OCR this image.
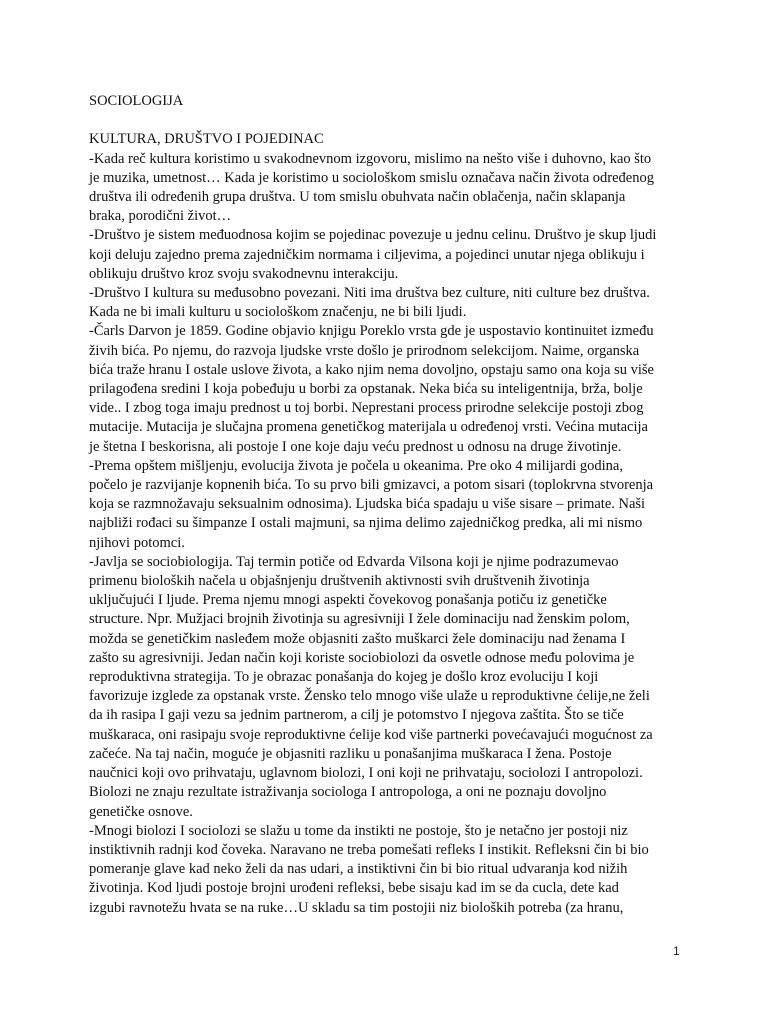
SOCIOLOGIJA
KULTURA, DRUŠTVO I POJEDINAC

-Kada reč kultura koristimo u svakodnevnom izgovoru, mislimo na nešto više i duhovno, kao što
je muzika, umetnost… Kada je koristimo u sociološkom smislu označava način života određenog
društva ili određenih grupa društva. U tom smislu obuhvata način oblačenja, način sklapanja
braka, porodični život…

-Društvo je sistem međuodnosa kojim se pojedinac povezuje u jednu celinu. Društvo je skup ljudi
koji deluju zajedno prema zajedničkim normama i ciljevima, a pojedinci unutar njega oblikuju i
oblikuju društvo kroz svoju svakodnevnu interakciju.

-Društvo I kultura su međusobno povezani. Niti ima društva bez culture, niti culture bez društva.
Kada ne bi imali kulturu u sociološkom značenju, ne bi bili ljudi.

-Čarls Darvon je 1859. Godine objavio knjigu Poreklo vrsta gde je uspostavio kontinuitet između
živih bića. Po njemu, do razvoja ljudske vrste došlo je prirodnom selekcijom. Naime, organska
bića traže hranu I ostale uslove života, a kako njim nema dovoljno, opstaju samo ona koja su više
prilagođena sredini I koja pobeđuju u borbi za opstanak. Neka bića su inteligentnija, brža, bolje
vide.. I zbog toga imaju prednost u toj borbi. Neprestani process prirodne selekcije postoji zbog
mutacije. Mutacija je slučajna promena genetičkog materijala u određenoj vrsti. Većina mutacija
je štetna I beskorisna, ali postoje I one koje daju veću prednost u odnosu na druge životinje.

-Prema opštem mišljenju, evolucija života je počela u okeanima. Pre oko 4 milijardi godina,
počelo je razvijanje kopnenih bića. To su prvo bili gmizavci, a potom sisari (toplokrvna stvorenja
koja se razmnožavaju seksualnim odnosima). Ljudska bića spadaju u više sisare – primate. Naši
najbliži rođaci su šimpanze I ostali majmuni, sa njima delimo zajedničkog predka, ali mi nismo
njihovi potomci.

-Javlja se sociobiologija. Taj termin potiče od Edvarda Vilsona koji je njime podrazumevao
primenu bioloških načela u objašnjenju društvenih aktivnosti svih društvenih životinja
uključujući I ljude. Prema njemu mnogi aspekti čovekovog ponašanja potiču iz genetičke
structure. Npr. Mužjaci brojnih životinja su agresivniji I žele dominaciju nad ženskim polom,
možda se genetičkim nasleđem može objasniti zašto muškarci žele dominaciju nad ženama I
zašto su agresivniji. Jedan način koji koriste sociobiolozi da osvetle odnose među polovima je
reproduktivna strategija. To je obrazac ponašanja do kojeg je došlo kroz evoluciju I koji
favorizuje izglede za opstanak vrste. Žensko telo mnogo više ulaže u reproduktivne ćelije,ne želi
da ih rasipa I gaji vezu sa jednim partnerom, a cilj je potomstvo I njegova zaštita. Što se tiče
muškaraca, oni rasipaju svoje reproduktivne ćelije kod više partnerki povećavajući mogućnost za
začeće. Na taj način, moguće je objasniti razliku u ponašanjima muškaraca I žena. Postoje
naučnici koji ovo prihvataju, uglavnom biolozi, I oni koji ne prihvataju, sociolozi I antropolozi.
Biolozi ne znaju rezultate istraživanja sociologa I antropologa, a oni ne poznaju dovoljno
genetičke osnove.

-Mnogi biolozi I sociolozi se slažu u tome da instikti ne postoje, što je netačno jer postoji niz
instiktivnih radnji kod čoveka. Naravano ne treba pomešati refleks I instikit. Refleksni čin bi bio
pomeranje glave kad neko želi da nas udari, a instiktivni čin bi bio ritual udvaranja kod nižih
životinja. Kod ljudi postoje brojni urođeni refleksi, bebe sisaju kad im se da cucla, dete kad
izgubi ravnotežu hvata se na ruke…U skladu sa tim postojii niz bioloških potreba (za hranu,

1
